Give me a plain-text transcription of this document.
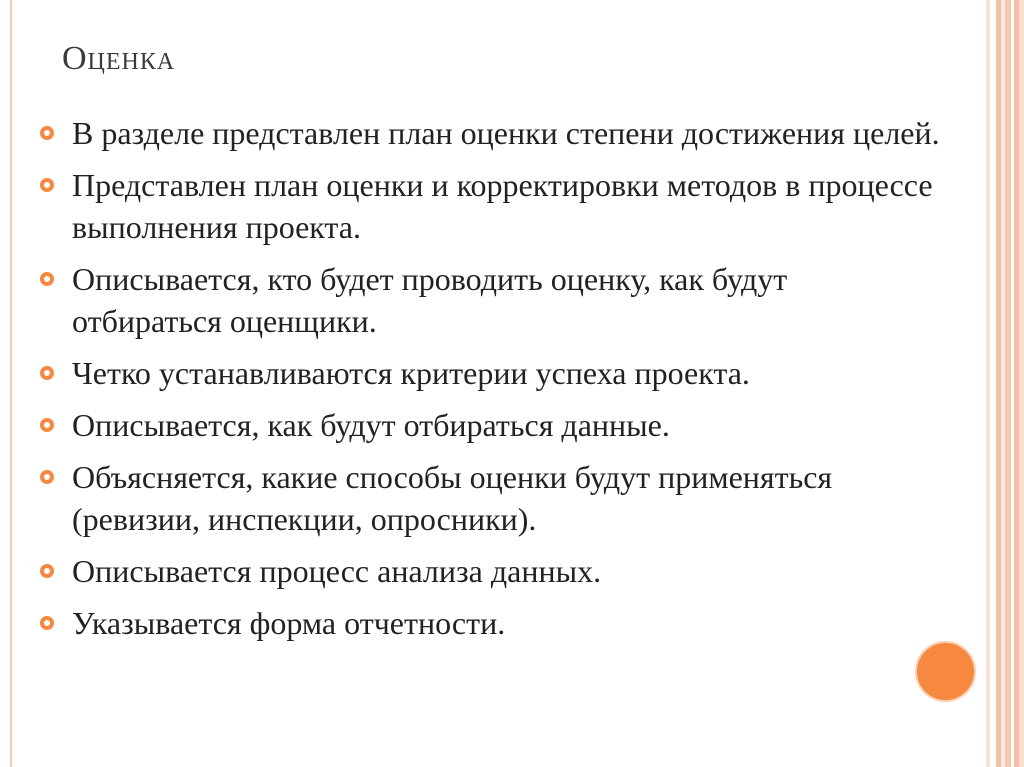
Оценка
В разделе представлен план оценки степени достижения целей.
Представлен план оценки и корректировки методов в процессе выполнения проекта.
Описывается, кто будет проводить оценку, как будут отбираться оценщики.
Четко устанавливаются критерии успеха проекта.
Описывается, как будут отбираться данные.
Объясняется, какие способы оценки будут применяться (ревизии, инспекции, опросники).
Описывается процесс анализа данных.
Указывается форма отчетности.
